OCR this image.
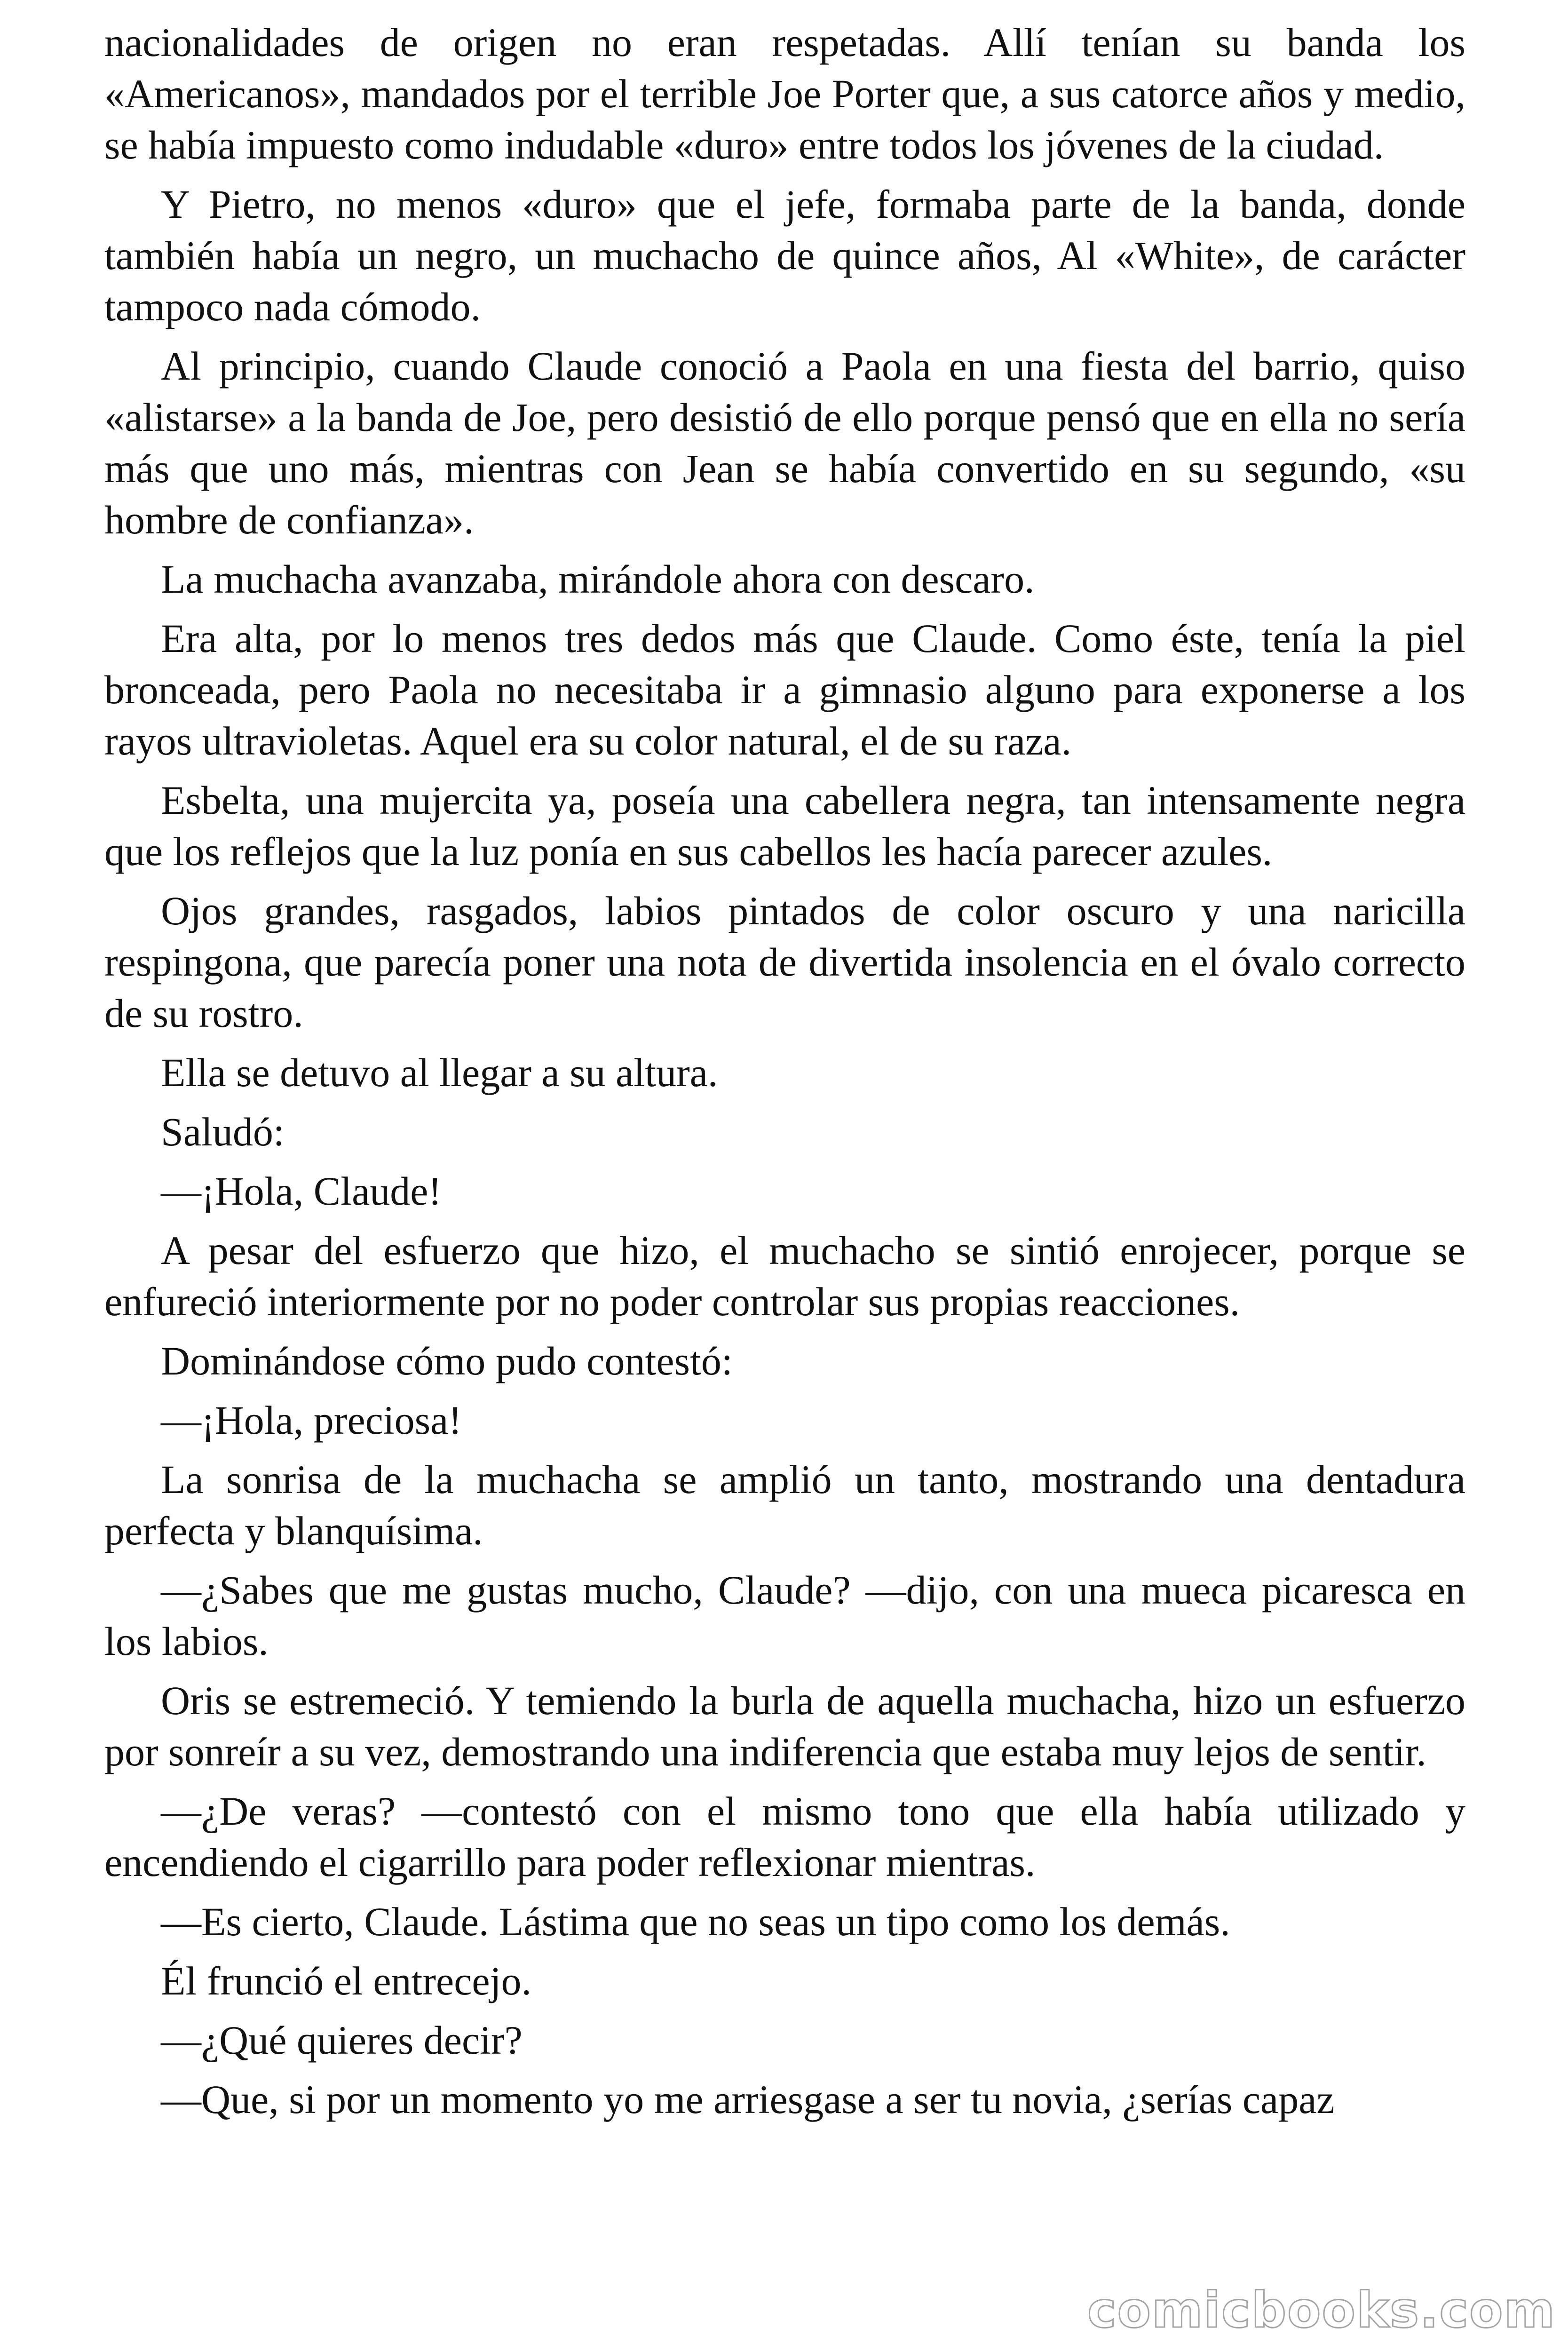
nacionalidades de origen no eran respetadas. Allí tenían su banda los «Americanos», mandados por el terrible Joe Porter que, a sus catorce años y medio, se había impuesto como indudable «duro» entre todos los jóvenes de la ciudad.

Y Pietro, no menos «duro» que el jefe, formaba parte de la banda, donde también había un negro, un muchacho de quince años, Al «White», de carácter tampoco nada cómodo.

Al principio, cuando Claude conoció a Paola en una fiesta del barrio, quiso «alistarse» a la banda de Joe, pero desistió de ello porque pensó que en ella no sería más que uno más, mientras con Jean se había convertido en su segundo, «su hombre de confianza».

La muchacha avanzaba, mirándole ahora con descaro.

Era alta, por lo menos tres dedos más que Claude. Como éste, tenía la piel bronceada, pero Paola no necesitaba ir a gimnasio alguno para exponerse a los rayos ultravioletas. Aquel era su color natural, el de su raza.

Esbelta, una mujercita ya, poseía una cabellera negra, tan intensamente negra que los reflejos que la luz ponía en sus cabellos les hacía parecer azules.

Ojos grandes, rasgados, labios pintados de color oscuro y una naricilla respingona, que parecía poner una nota de divertida insolencia en el óvalo correcto de su rostro.

Ella se detuvo al llegar a su altura.

Saludó:

—¡Hola, Claude!

A pesar del esfuerzo que hizo, el muchacho se sintió enrojecer, porque se enfureció interiormente por no poder controlar sus propias reacciones.

Dominándose cómo pudo contestó:

—¡Hola, preciosa!

La sonrisa de la muchacha se amplió un tanto, mostrando una dentadura perfecta y blanquísima.

—¿Sabes que me gustas mucho, Claude? —dijo, con una mueca picaresca en los labios.

Oris se estremeció. Y temiendo la burla de aquella muchacha, hizo un esfuerzo por sonreír a su vez, demostrando una indiferencia que estaba muy lejos de sentir.

—¿De veras? —contestó con el mismo tono que ella había utilizado y encendiendo el cigarrillo para poder reflexionar mientras.

—Es cierto, Claude. Lástima que no seas un tipo como los demás.

Él frunció el entrecejo.

—¿Qué quieres decir?

—Que, si por un momento yo me arriesgase a ser tu novia, ¿serías capaz

comicbooks.com
